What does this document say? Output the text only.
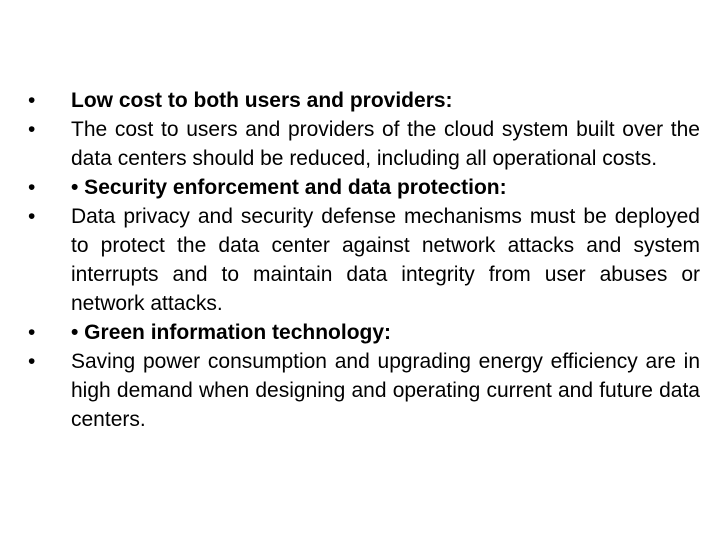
•	Low cost to both users and providers:
•	The cost to users and providers of the cloud system built over the data centers should be reduced, including all operational costs.
•	• Security enforcement and data protection:
•	Data privacy and security defense mechanisms must be deployed to protect the data center against network attacks and system interrupts and to maintain data integrity from user abuses or network attacks.
•	• Green information technology:
•	Saving power consumption and upgrading energy efficiency are in high demand when designing and operating current and future data centers.
